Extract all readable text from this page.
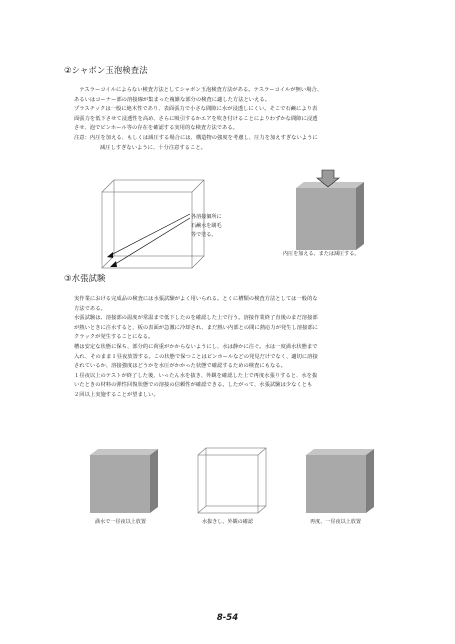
②シャボン玉泡検査法
　テスラーコイルによらない検査方法としてシャボン玉泡検査方法がある。テスラーコイルが無い場合、
あるいはコーナー部の溶接線が集まった複雑な部分の検査に適した方法といえる。
プラスチックは一般に絶木性であり、表面張力で小さな間隙に水が浸透しにくい。そこで石鹸により表
面張力を低下させて浸透性を高め、さらに吸引するかエアを吹き付けることによりわずかな間隙に浸透
させ、泡でピンホール等の存在を確認する実用的な検査方法である。
注意：内圧を加える、もしくは減圧する場合には、構造物の強度を考慮し、圧力を加えすぎないように
減圧しすぎないように、十分注意すること。
各溶接個所に
石鹸水を刷毛
等で塗る。
内圧を加える、または減圧する。
③水張試験
実作業における完成品の検査には水張試験がよく用いられる。とくに槽類の検査方法としては一般的な
方法である。
水張試験は、溶接部の温度が常温まで低下したのを確認した上で行う。溶接作業終了直後のまだ溶接部
が熱いときに注水すると、板の表面が急激に冷却され、まだ熱い内部との間に熱応力が発生し溶接部に
クラックが発生することになる。
槽は安定な状態に保ち、部分的に荷重がかからないようにし、水は静かに注ぐ。水は一度満水状態まで
入れ、そのまま１昼夜放置する。この状態で保つことはピンホールなどの発見だけでなく、適切に溶接
されているか、溶接強度はどうかを水圧がかかった状態で確認するための検査にもなる。
１昼夜以上のテストが終了した後、いったん水を抜き、外観を確認した上で再度水張りすると、水を抜
いたときの材料の弾性回復状態での溶接の信頼性が確認できる。したがって、水張試験は少なくとも
２回以上実施することが望ましい。
満水で一昼夜以上放置	水抜きし、外観の確認	再度、一昼夜以上放置
8-54
